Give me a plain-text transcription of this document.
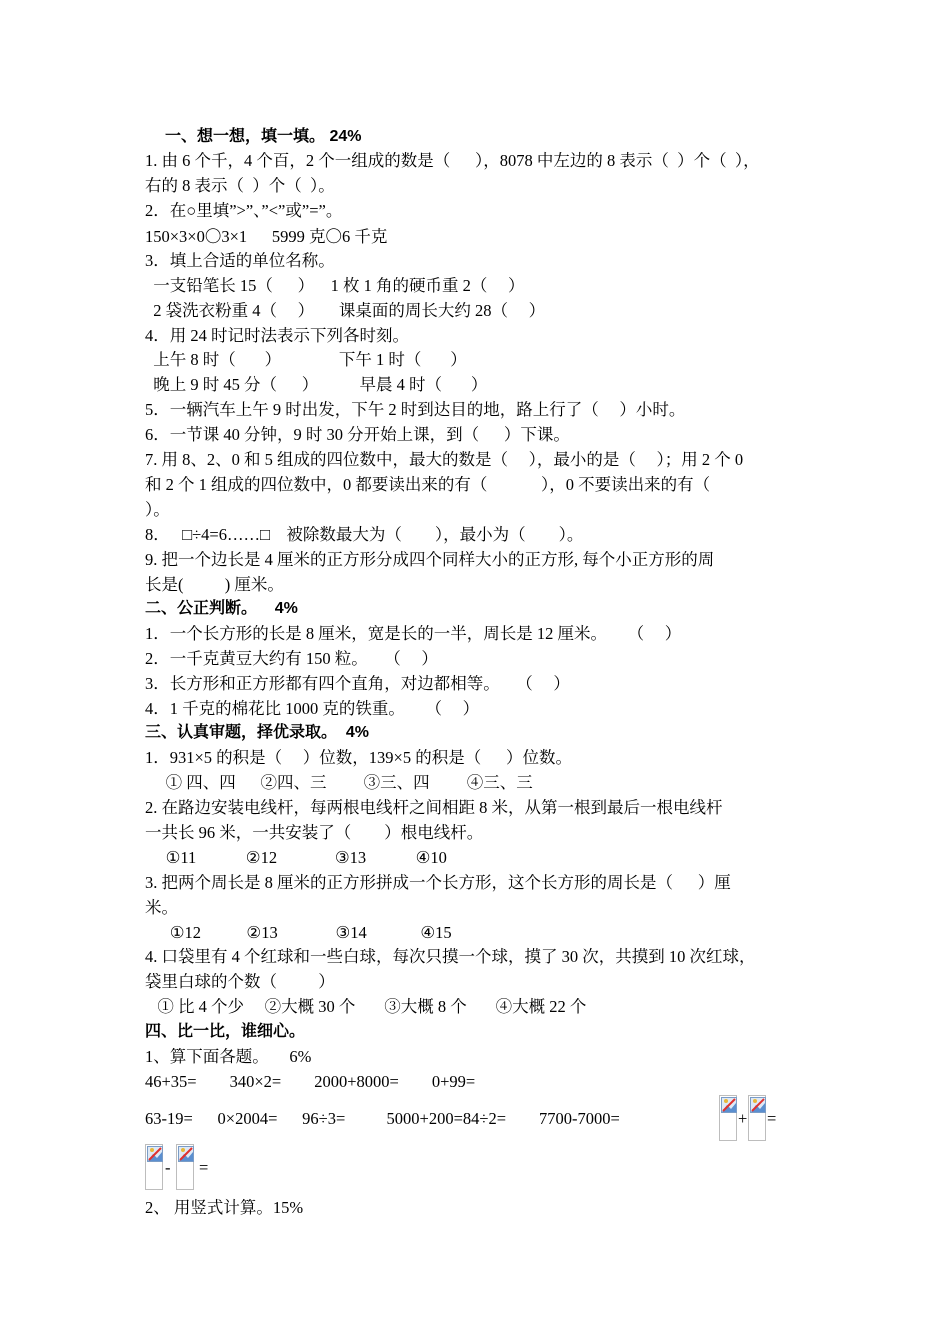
一、想一想，填一填。 24%
1. 由 6 个千，4 个百，2 个一组成的数是（      ），8078 中左边的 8 表示（  ）个（  ），
右的 8 表示（  ）个（  ）。
2．在○里填”>”、”<”或”=”。
150×3×0〇3×1      5999 克〇6 千克
3．填上合适的单位名称。
一支铅笔长 15（      ）    1 枚 1 角的硬币重 2（     ）
2 袋洗衣粉重 4（     ）      课桌面的周长大约 28（     ）
4．用 24 时记时法表示下列各时刻。
上午 8 时（       ）              下午 1 时（       ）
晚上 9 时 45 分（      ）          早晨 4 时（       ）
5．一辆汽车上午 9 时出发，下午 2 时到达目的地，路上行了（     ）小时。
6．一节课 40 分钟，9 时 30 分开始上课，到（      ）下课。
7. 用 8、2、0 和 5 组成的四位数中，最大的数是（     ），最小的是（     ）；用 2 个 0
和 2 个 1 组成的四位数中，0 都要读出来的有（             ），0 不要读出来的有（
）。
8．   □÷4=6……□    被除数最大为（        ），最小为（        ）。
9. 把一个边长是 4 厘米的正方形分成四个同样大小的正方形, 每个小正方形的周
长是(          ) 厘米。
二、公正判断。    4%
1．一个长方形的长是 8 厘米，宽是长的一半，周长是 12 厘米。     （     ）
2．一千克黄豆大约有 150 粒。    （     ）
3．长方形和正方形都有四个直角，对边都相等。    （     ）
4．1 千克的棉花比 1000 克的铁重。     （     ）
三、认真审题，择优录取。  4%
1．931×5 的积是（     ）位数，139×5 的积是（      ）位数。
① 四、四      ②四、三         ③三、四         ④三、三
2. 在路边安装电线杆，每两根电线杆之间相距 8 米，从第一根到最后一根电线杆
一共长 96 米，一共安装了（        ）根电线杆。
①11            ②12              ③13            ④10
3. 把两个周长是 8 厘米的正方形拼成一个长方形，这个长方形的周长是（      ）厘
米。
①12           ②13              ③14             ④15
4. 口袋里有 4 个红球和一些白球，每次只摸一个球，摸了 30 次，共摸到 10 次红球，
袋里白球的个数（          ）
① 比 4 个少     ②大概 30 个       ③大概 8 个       ④大概 22 个
四、比一比，谁细心。
1、算下面各题。     6%
46+35=        340×2=        2000+8000=        0+99=
63-19=      0×2004=      96÷3=          5000+200=84÷2=        7700-7000=	+ =
- =
2、 用竖式计算。15%
